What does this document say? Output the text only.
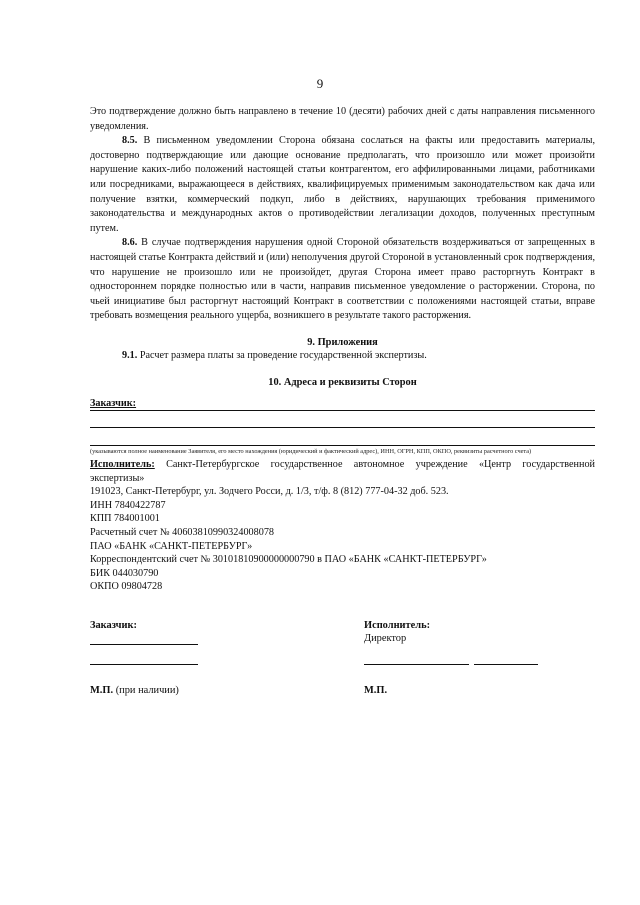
9

Это подтверждение должно быть направлено в течение 10 (десяти) рабочих дней с даты направления письменного уведомления.

8.5. В письменном уведомлении Сторона обязана сослаться на факты или предоставить материалы, достоверно подтверждающие или дающие основание предполагать, что произошло или может произойти нарушение каких-либо положений настоящей статьи контрагентом, его аффилированными лицами, работниками или посредниками, выражающееся в действиях, квалифицируемых применимым законодательством как дача или получение взятки, коммерческий подкуп, либо в действиях, нарушающих требования применимого законодательства и международных актов о противодействии легализации доходов, полученных преступным путем.

8.6. В случае подтверждения нарушения одной Стороной обязательств воздерживаться от запрещенных в настоящей статье Контракта действий и (или) неполучения другой Стороной в установленный срок подтверждения, что нарушение не произошло или не произойдет, другая Сторона имеет право расторгнуть Контракт в одностороннем порядке полностью или в части, направив письменное уведомление о расторжении. Сторона, по чьей инициативе был расторгнут настоящий Контракт в соответствии с положениями настоящей статьи, вправе требовать возмещения реального ущерба, возникшего в результате такого расторжения.

9. Приложения

9.1. Расчет размера платы за проведение государственной экспертизы.

10. Адреса и реквизиты Сторон

Заказчик:

(указываются полное наименование Заявителя, его место нахождения (юридический и фактический адрес), ИНН, ОГРН, КПП, ОКПО, реквизиты расчетного счета)

Исполнитель: Санкт-Петербургское государственное автономное учреждение «Центр государственной экспертизы»

191023, Санкт-Петербург, ул. Зодчего Росси, д. 1/3, т/ф. 8 (812) 777-04-32 доб. 523.

ИНН 7840422787

КПП 784001001

Расчетный счет № 40603810990324008078

ПАО «БАНК «САНКТ-ПЕТЕРБУРГ»

Корреспондентский счет № 30101810900000000790 в ПАО «БАНК «САНКТ-ПЕТЕРБУРГ»

БИК 044030790

ОКПО 09804728

Заказчик:	Исполнитель:
Директор
М.П. (при наличии)	М.П.
